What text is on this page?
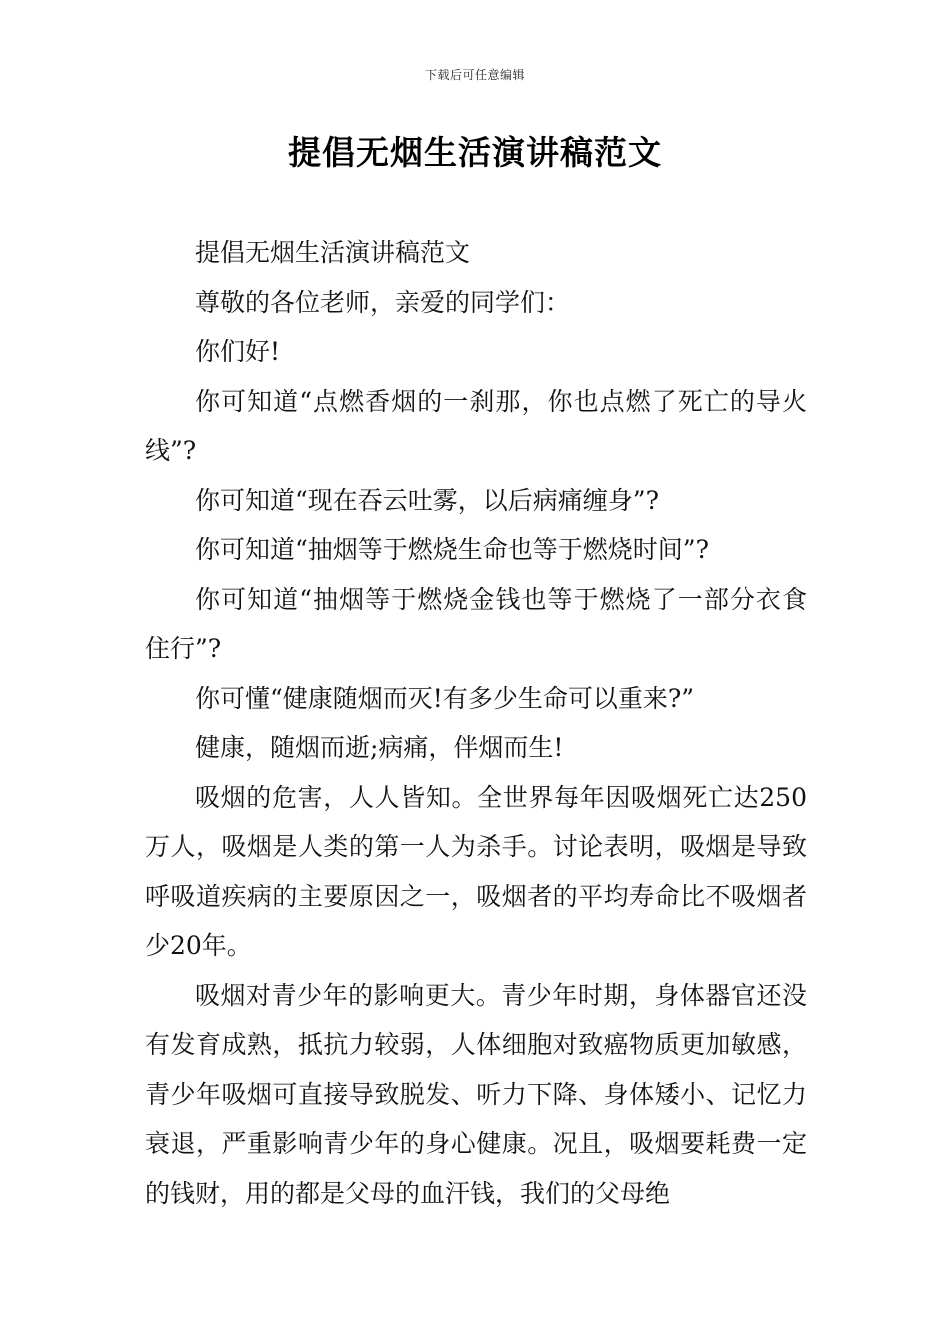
下载后可任意编辑
提倡无烟生活演讲稿范文

提倡无烟生活演讲稿范文

尊敬的各位老师，亲爱的同学们：

你们好!

你可知道“点燃香烟的一刹那，你也点燃了死亡的导火线”?

你可知道“现在吞云吐雾，以后病痛缠身”?

你可知道“抽烟等于燃烧生命也等于燃烧时间”?

你可知道“抽烟等于燃烧金钱也等于燃烧了一部分衣食住行”?

你可懂“健康随烟而灭!有多少生命可以重来?”

健康，随烟而逝;病痛，伴烟而生!

吸烟的危害，人人皆知。全世界每年因吸烟死亡达250万人，吸烟是人类的第一人为杀手。讨论表明，吸烟是导致呼吸道疾病的主要原因之一，吸烟者的平均寿命比不吸烟者少20年。

吸烟对青少年的影响更大。青少年时期，身体器官还没有发育成熟，抵抗力较弱，人体细胞对致癌物质更加敏感，青少年吸烟可直接导致脱发、听力下降、身体矮小、记忆力衰退，严重影响青少年的身心健康。况且，吸烟要耗费一定的钱财，用的都是父母的血汗钱，我们的父母绝
